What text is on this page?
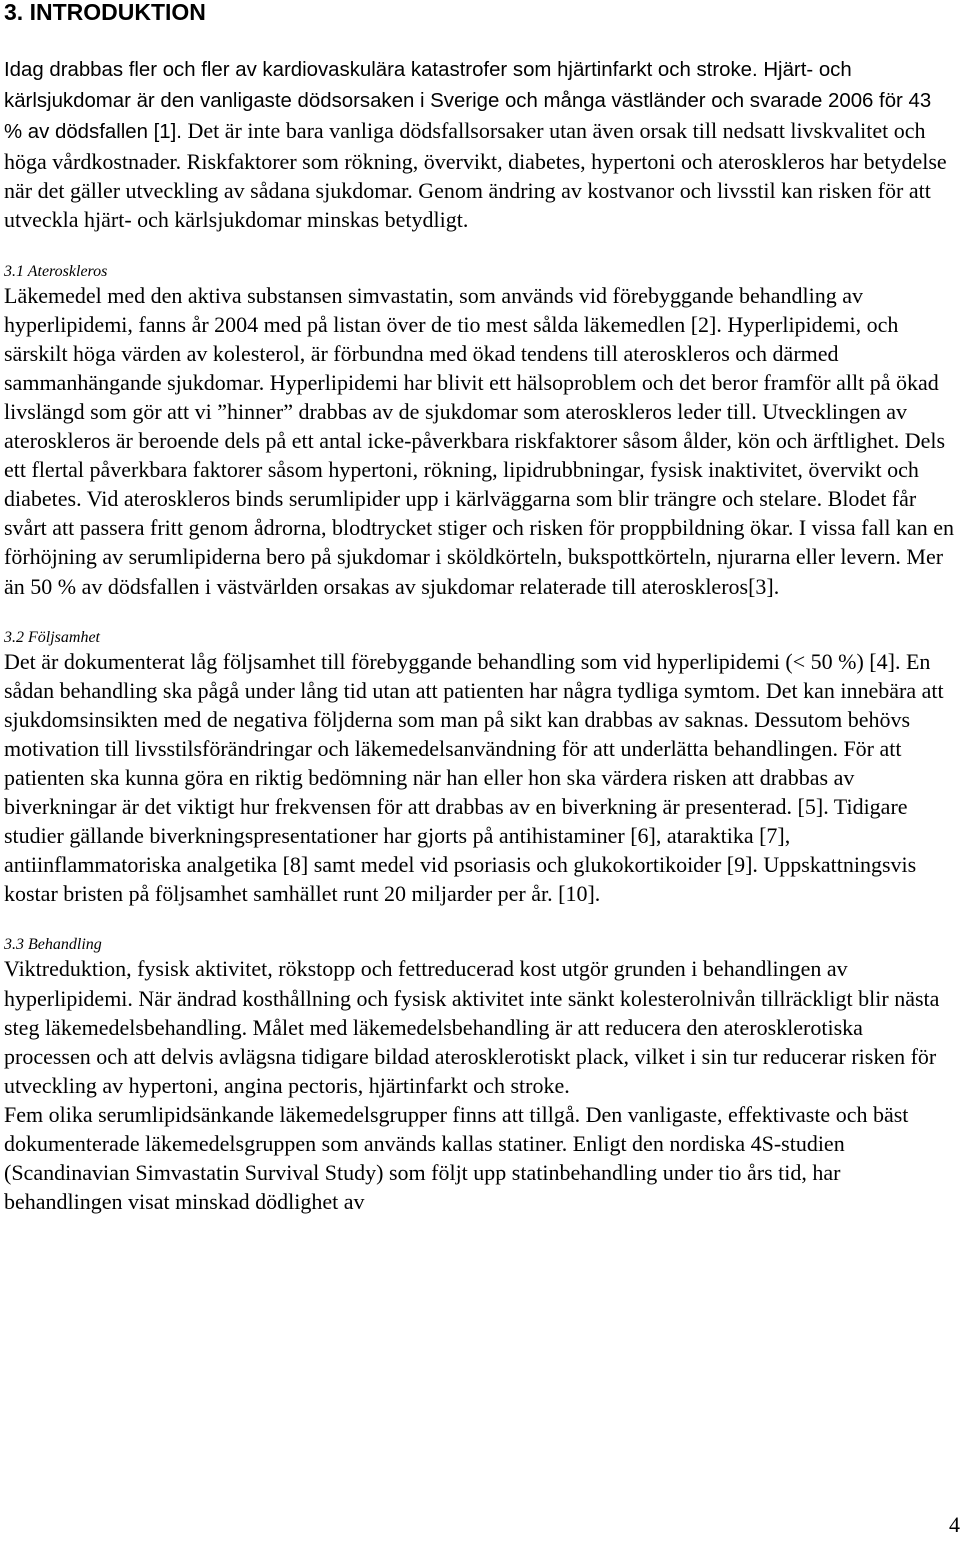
3. INTRODUKTION

Idag drabbas fler och fler av kardiovaskulära katastrofer som hjärtinfarkt och stroke. Hjärt- och kärlsjukdomar är den vanligaste dödsorsaken i Sverige och många västländer och svarade 2006 för 43 % av dödsfallen [1]. Det är inte bara vanliga dödsfallsorsaker utan även orsak till nedsatt livskvalitet och höga vårdkostnader. Riskfaktorer som rökning, övervikt, diabetes, hypertoni och ateroskleros har betydelse när det gäller utveckling av sådana sjukdomar. Genom ändring av kostvanor och livsstil kan risken för att utveckla hjärt- och kärlsjukdomar minskas betydligt.

3.1 Ateroskleros

Läkemedel med den aktiva substansen simvastatin, som används vid förebyggande behandling av hyperlipidemi, fanns år 2004 med på listan över de tio mest sålda läkemedlen [2]. Hyperlipidemi, och särskilt höga värden av kolesterol, är förbundna med ökad tendens till ateroskleros och därmed sammanhängande sjukdomar. Hyperlipidemi har blivit ett hälsoproblem och det beror framför allt på ökad livslängd som gör att vi ”hinner” drabbas av de sjukdomar som ateroskleros leder till. Utvecklingen av ateroskleros är beroende dels på ett antal icke-påverkbara riskfaktorer såsom ålder, kön och ärftlighet. Dels ett flertal påverkbara faktorer såsom hypertoni, rökning, lipidrubbningar, fysisk inaktivitet, övervikt och diabetes. Vid ateroskleros binds serumlipider upp i kärlväggarna som blir trängre och stelare. Blodet får svårt att passera fritt genom ådrorna, blodtrycket stiger och risken för proppbildning ökar. I vissa fall kan en förhöjning av serumlipiderna bero på sjukdomar i sköldkörteln, bukspottkörteln, njurarna eller levern. Mer än 50 % av dödsfallen i västvärlden orsakas av sjukdomar relaterade till ateroskleros[3].

3.2 Följsamhet

Det är dokumenterat låg följsamhet till förebyggande behandling som vid hyperlipidemi (< 50 %) [4]. En sådan behandling ska pågå under lång tid utan att patienten har några tydliga symtom. Det kan innebära att sjukdomsinsikten med de negativa följderna som man på sikt kan drabbas av saknas. Dessutom behövs motivation till livsstilsförändringar och läkemedelsanvändning för att underlätta behandlingen. För att patienten ska kunna göra en riktig bedömning när han eller hon ska värdera risken att drabbas av biverkningar är det viktigt hur frekvensen för att drabbas av en biverkning är presenterad. [5]. Tidigare studier gällande biverkningspresentationer har gjorts på antihistaminer [6], ataraktika [7], antiinflammatoriska analgetika [8] samt medel vid psoriasis och glukokortikoider [9]. Uppskattningsvis kostar bristen på följsamhet samhället runt 20 miljarder per år. [10].

3.3 Behandling

Viktreduktion, fysisk aktivitet, rökstopp och fettreducerad kost utgör grunden i behandlingen av hyperlipidemi. När ändrad kosthållning och fysisk aktivitet inte sänkt kolesterolnivån tillräckligt blir nästa steg läkemedelsbehandling. Målet med läkemedelsbehandling är att reducera den aterosklerotiska processen och att delvis avlägsna tidigare bildad aterosklerotiskt plack, vilket i sin tur reducerar risken för utveckling av hypertoni, angina pectoris, hjärtinfarkt och stroke.

Fem olika serumlipidsänkande läkemedelsgrupper finns att tillgå. Den vanligaste, effektivaste och bäst dokumenterade läkemedelsgruppen som används kallas statiner. Enligt den nordiska 4S-studien (Scandinavian Simvastatin Survival Study) som följt upp statinbehandling under tio års tid, har behandlingen visat minskad dödlighet av

4
